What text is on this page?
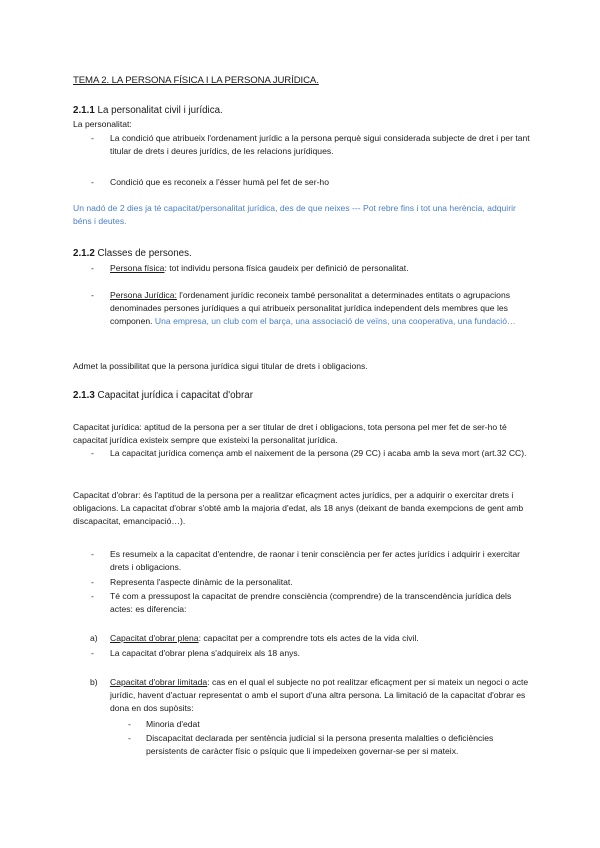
TEMA 2. LA PERSONA FÍSICA I LA PERSONA JURÍDICA.
2.1.1 La personalitat civil i jurídica.
La personalitat:
-	La condició que atribueix l'ordenament jurídic a la persona perquè sigui considerada subjecte de dret i per tant titular de drets i deures jurídics, de les relacions jurídiques.
-	Condició que es reconeix a l'ésser humà pel fet de ser-ho
Un nadó de 2 dies ja té capacitat/personalitat jurídica, des de que neixes --- Pot rebre fins i tot una herència, adquirir béns i deutes.
2.1.2 Classes de persones.
-	Persona física: tot individu persona física gaudeix per definició de personalitat.
-	Persona Jurídica: l'ordenament jurídic reconeix també personalitat a determinades entitats o agrupacions denominades persones jurídiques a qui atribueix personalitat jurídica independent dels membres que les componen. Una empresa, un club com el barça, una associació de veïns, una cooperativa, una fundació…
Admet la possibilitat que la persona jurídica sigui titular de drets i obligacions.
2.1.3 Capacitat jurídica i capacitat d'obrar
Capacitat jurídica: aptitud de la persona per a ser titular de dret i obligacions, tota persona pel mer fet de ser-ho té capacitat jurídica existeix sempre que existeixi la personalitat jurídica.
-	La capacitat jurídica comença amb el naixement de la persona (29 CC) i acaba amb la seva mort (art.32 CC).
Capacitat d'obrar: és l'aptitud de la persona per a realitzar eficaçment actes jurídics, per a adquirir o exercitar drets i obligacions. La capacitat d'obrar s'obté amb la majoria d'edat, als 18 anys (deixant de banda exempcions de gent amb discapacitat, emancipació…).
-	Es resumeix a la capacitat d'entendre, de raonar i tenir consciència per fer actes jurídics i adquirir i exercitar drets i obligacions.
-	Representa l'aspecte dinàmic de la personalitat.
-	Té com a pressupost la capacitat de prendre consciència (comprendre) de la transcendència jurídica dels actes: es diferencia:
a)	Capacitat d'obrar plena: capacitat per a comprendre tots els actes de la vida civil.
-	La capacitat d'obrar plena s'adquireix als 18 anys.
b)	Capacitat d'obrar limitada: cas en el qual el subjecte no pot realitzar eficaçment per si mateix un negoci o acte jurídic, havent d'actuar representat o amb el suport d'una altra persona. La limitació de la capacitat d'obrar es dona en dos supòsits:
-	Minoria d'edat
-	Discapacitat declarada per sentència judicial si la persona presenta malalties o deficiències persistents de caràcter físic o psíquic que li impedeixen governar-se per si mateix.
